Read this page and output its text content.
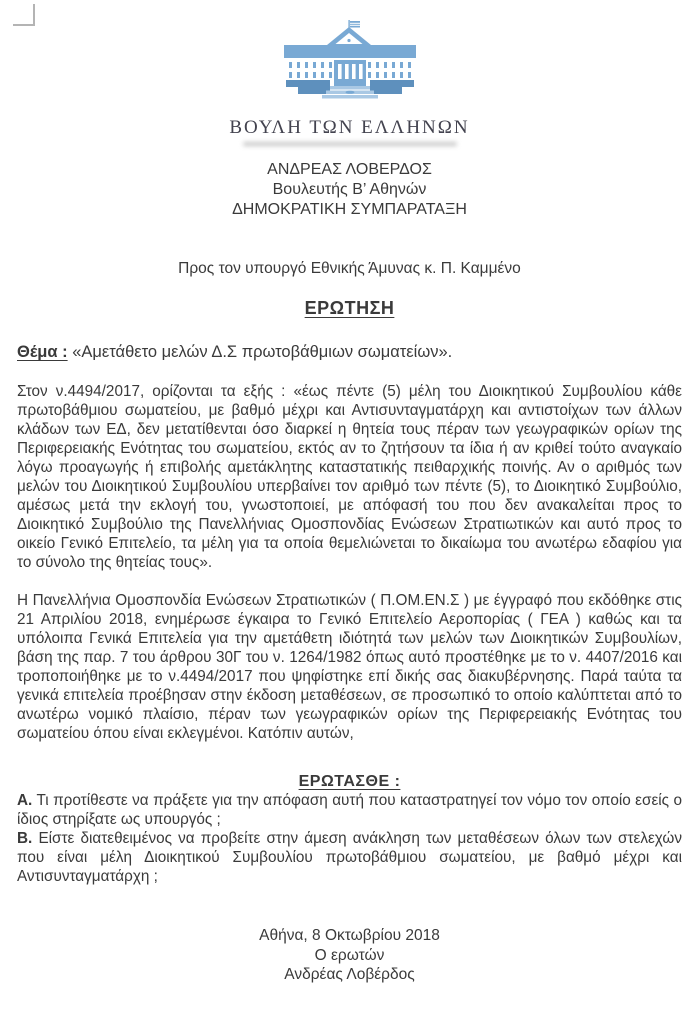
ΒΟΥΛΗ ΤΩΝ ΕΛΛΗΝΩΝ

ΑΝΔΡΕΑΣ ΛΟΒΕΡΔΟΣ

Βουλευτής Β’ Αθηνών

ΔΗΜΟΚΡΑΤΙΚΗ ΣΥΜΠΑΡΑΤΑΞΗ

Προς τον υπουργό Εθνικής Άμυνας κ. Π. Καμμένο

ΕΡΩΤΗΣΗ

Θέμα : «Αμετάθετο μελών Δ.Σ πρωτοβάθμιων σωματείων».

Στον ν.4494/2017, ορίζονται τα εξής : «έως πέντε (5) μέλη του Διοικητικού Συμβουλίου κάθε πρωτοβάθμιου σωματείου, με βαθμό μέχρι και Αντισυνταγματάρχη και αντιστοίχων των άλλων κλάδων των ΕΔ, δεν μετατίθενται όσο διαρκεί η θητεία τους πέραν των γεωγραφικών ορίων της Περιφερειακής Ενότητας του σωματείου, εκτός αν το ζητήσουν τα ίδια ή αν κριθεί τούτο αναγκαίο λόγω προαγωγής ή επιβολής αμετάκλητης καταστατικής πειθαρχικής ποινής. Αν ο αριθμός των μελών του Διοικητικού Συμβουλίου υπερβαίνει τον αριθμό των πέντε (5), το Διοικητικό Συμβούλιο, αμέσως μετά την εκλογή του, γνωστοποιεί, με απόφασή του που δεν ανακαλείται προς το Διοικητικό Συμβούλιο της Πανελλήνιας Ομοσπονδίας Ενώσεων Στρατιωτικών και αυτό προς το οικείο Γενικό Επιτελείο, τα μέλη για τα οποία θεμελιώνεται το δικαίωμα του ανωτέρω εδαφίου για το σύνολο της θητείας τους».

Η Πανελλήνια Ομοσπονδία Ενώσεων Στρατιωτικών ( Π.ΟΜ.ΕΝ.Σ ) με έγγραφό που εκδόθηκε στις 21 Απριλίου 2018, ενημέρωσε έγκαιρα το Γενικό Επιτελείο Αεροπορίας ( ΓΕΑ ) καθώς και τα υπόλοιπα Γενικά Επιτελεία για την αμετάθετη ιδιότητά των μελών των Διοικητικών Συμβουλίων, βάση της παρ. 7 του άρθρου 30Γ του ν. 1264/1982 όπως αυτό προστέθηκε με το ν. 4407/2016 και τροποποιήθηκε με το ν.4494/2017 που ψηφίστηκε επί δικής σας διακυβέρνησης. Παρά ταύτα τα γενικά επιτελεία προέβησαν στην έκδοση μεταθέσεων, σε προσωπικό το οποίο καλύπτεται από το ανωτέρω νομικό πλαίσιο, πέραν των γεωγραφικών ορίων της Περιφερειακής Ενότητας του σωματείου όπου είναι εκλεγμένοι. Κατόπιν αυτών,

ΕΡΩΤΑΣΘΕ :

Α. Τι προτίθεστε να πράξετε για την απόφαση αυτή που καταστρατηγεί τον νόμο τον οποίο εσείς ο ίδιος στηρίξατε ως υπουργός ;

Β. Είστε διατεθειμένος να προβείτε στην άμεση ανάκληση των μεταθέσεων όλων των στελεχών που είναι μέλη Διοικητικού Συμβουλίου πρωτοβάθμιου σωματείου, με βαθμό μέχρι και Αντισυνταγματάρχη ;

Αθήνα, 8 Οκτωβρίου 2018

Ο ερωτών

Ανδρέας Λοβέρδος
